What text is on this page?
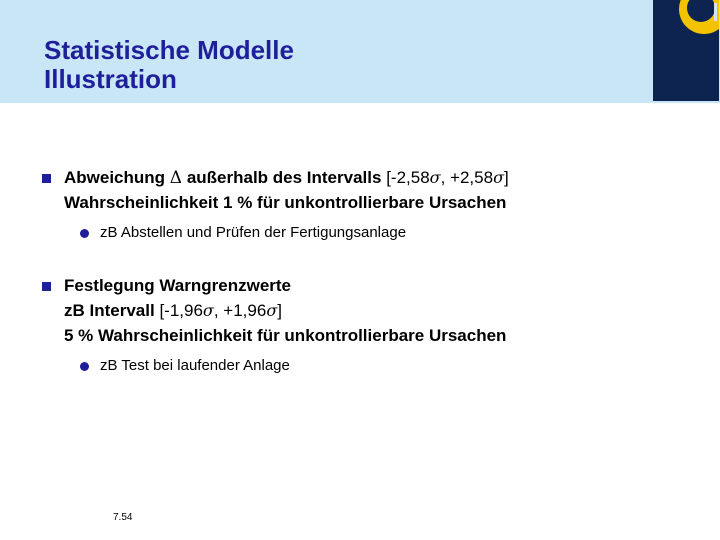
Statistische Modelle
Illustration
Abweichung Δ außerhalb des Intervalls [-2,58σ, +2,58σ]
Wahrscheinlichkeit 1 % für unkontrollierbare Ursachen
zB Abstellen und Prüfen der Fertigungsanlage
Festlegung Warngrenzwerte
zB Intervall [-1,96σ, +1,96σ]
5 % Wahrscheinlichkeit für unkontrollierbare Ursachen
zB Test bei laufender Anlage
7.54
